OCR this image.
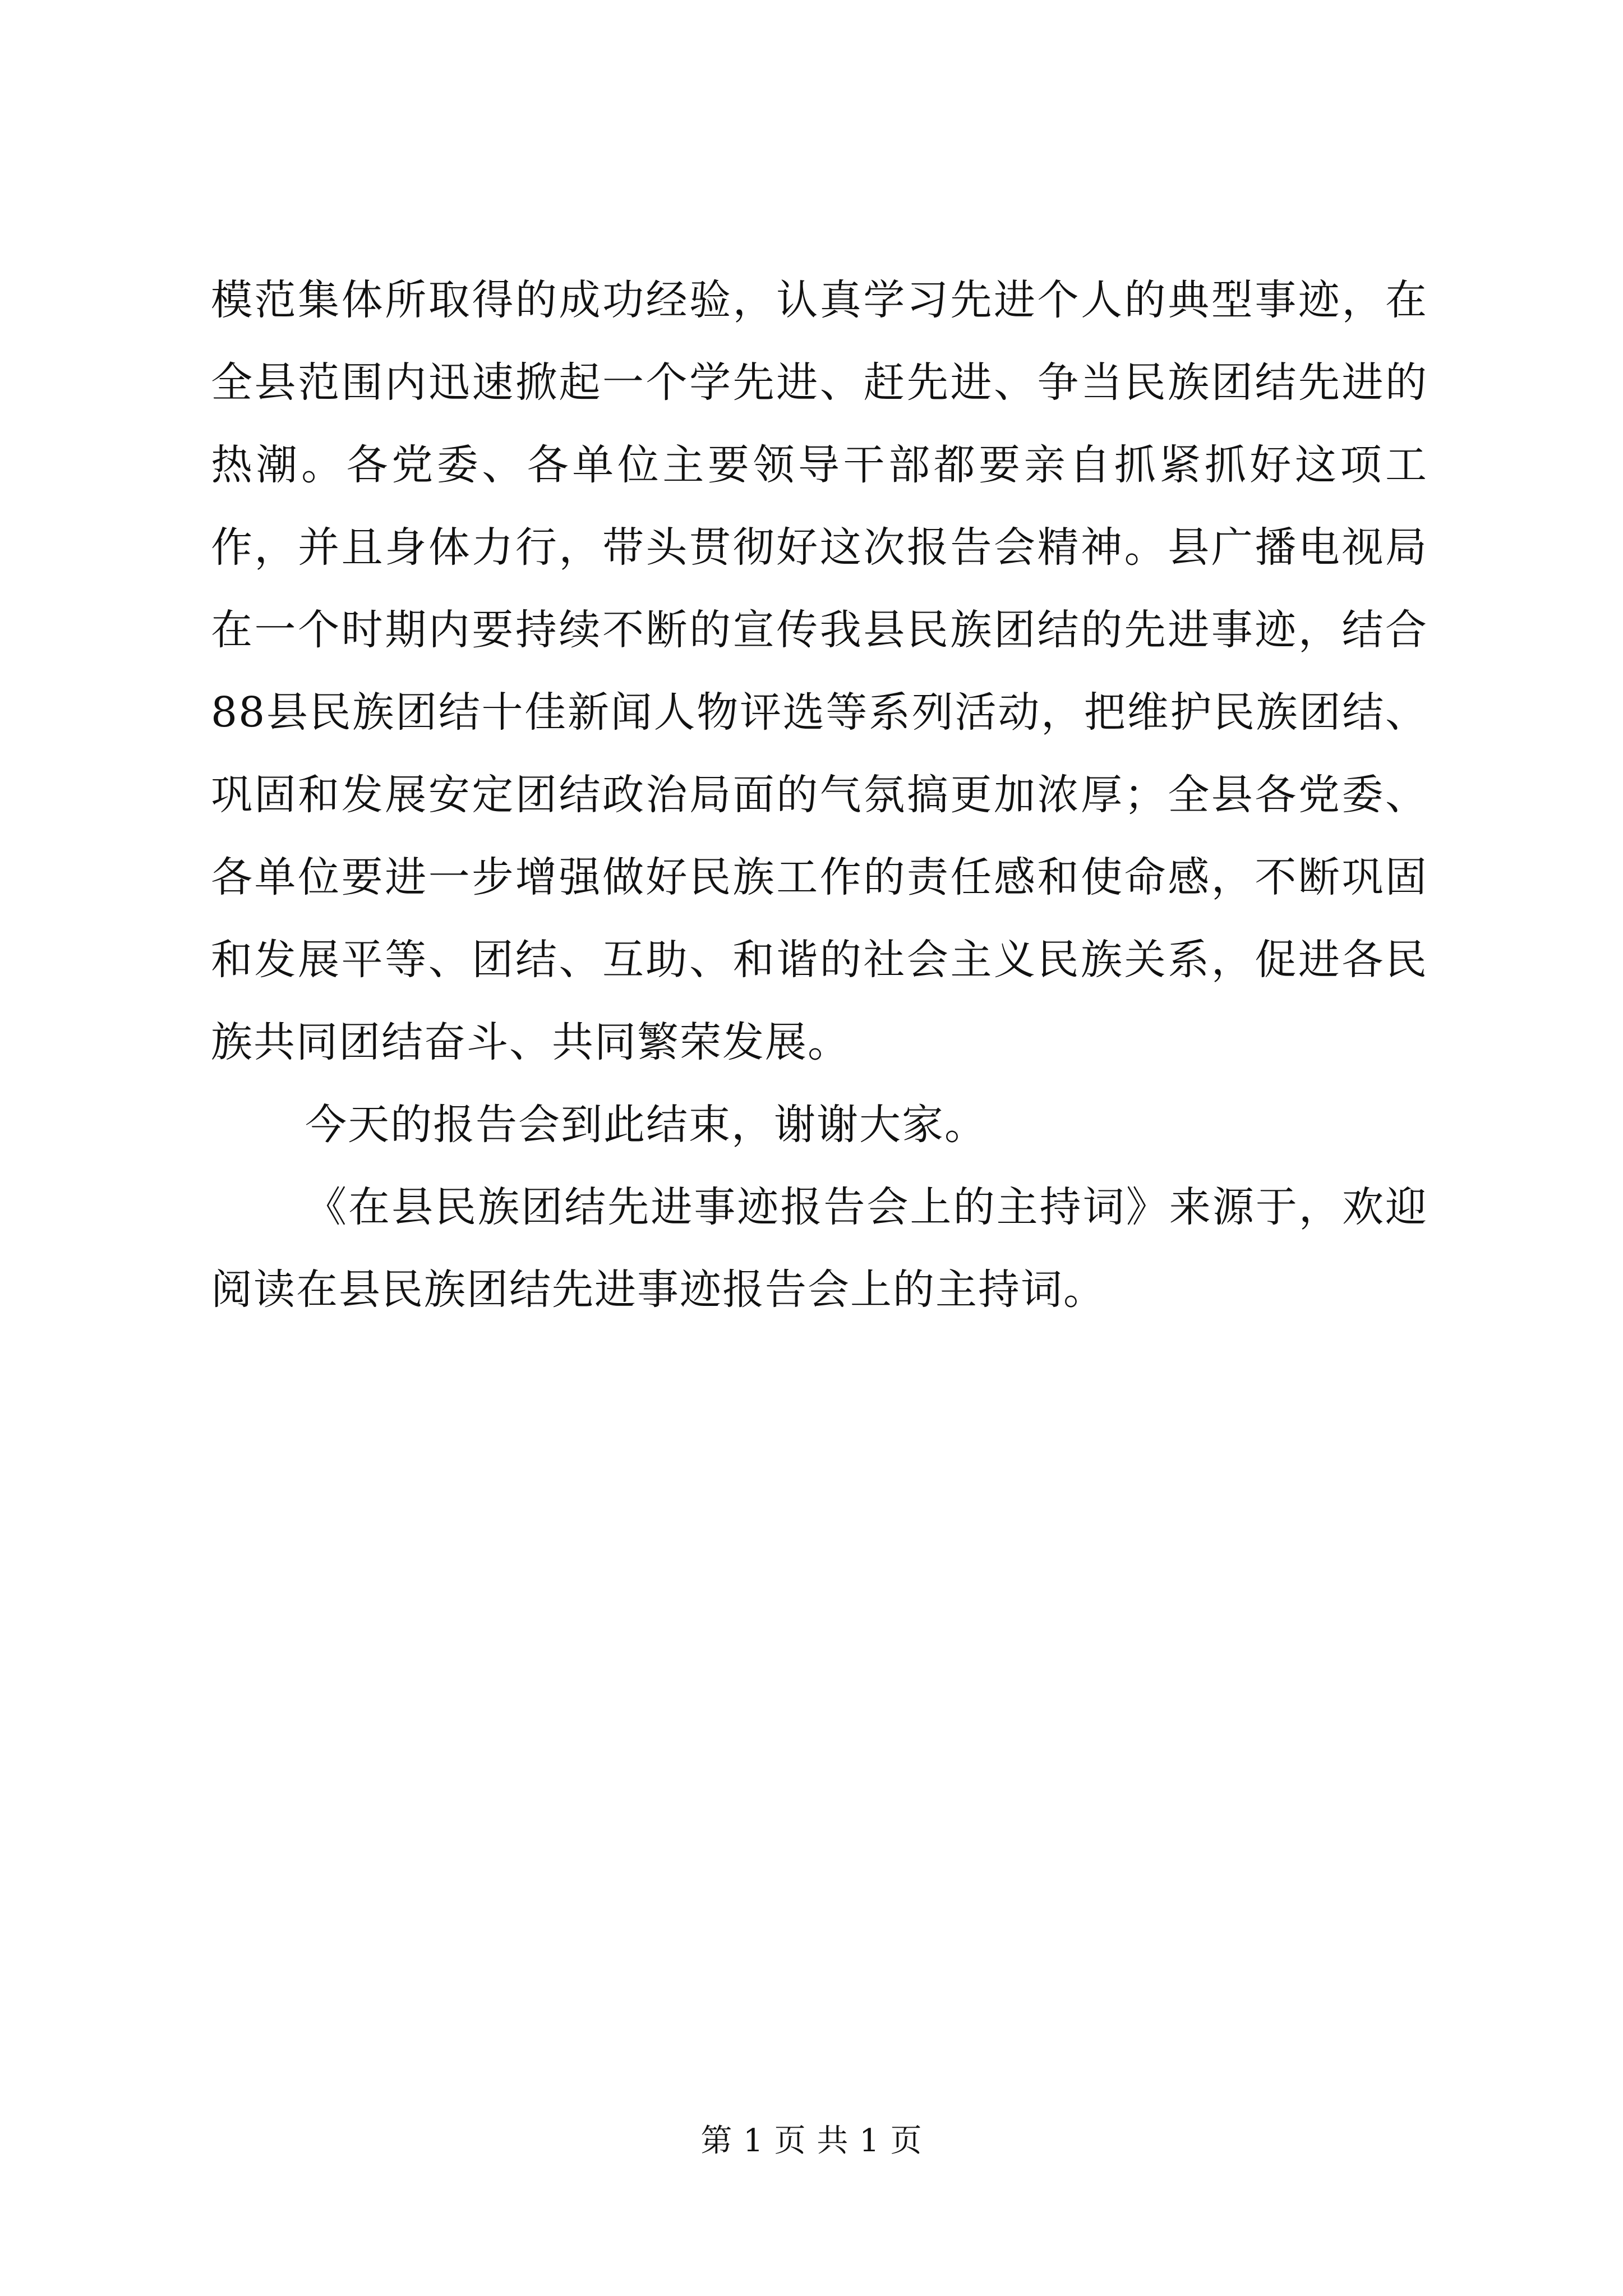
模范集体所取得的成功经验，认真学习先进个人的典型事迹，在全县范围内迅速掀起一个学先进、赶先进、争当民族团结先进的热潮。各党委、各单位主要领导干部都要亲自抓紧抓好这项工作，并且身体力行，带头贯彻好这次报告会精神。县广播电视局在一个时期内要持续不断的宣传我县民族团结的先进事迹，结合88县民族团结十佳新闻人物评选等系列活动，把维护民族团结、巩固和发展安定团结政治局面的气氛搞更加浓厚；全县各党委、各单位要进一步增强做好民族工作的责任感和使命感，不断巩固和发展平等、团结、互助、和谐的社会主义民族关系，促进各民族共同团结奋斗、共同繁荣发展。

今天的报告会到此结束，谢谢大家。

《在县民族团结先进事迹报告会上的主持词》来源于，欢迎阅读在县民族团结先进事迹报告会上的主持词。

第 1 页 共 1 页
